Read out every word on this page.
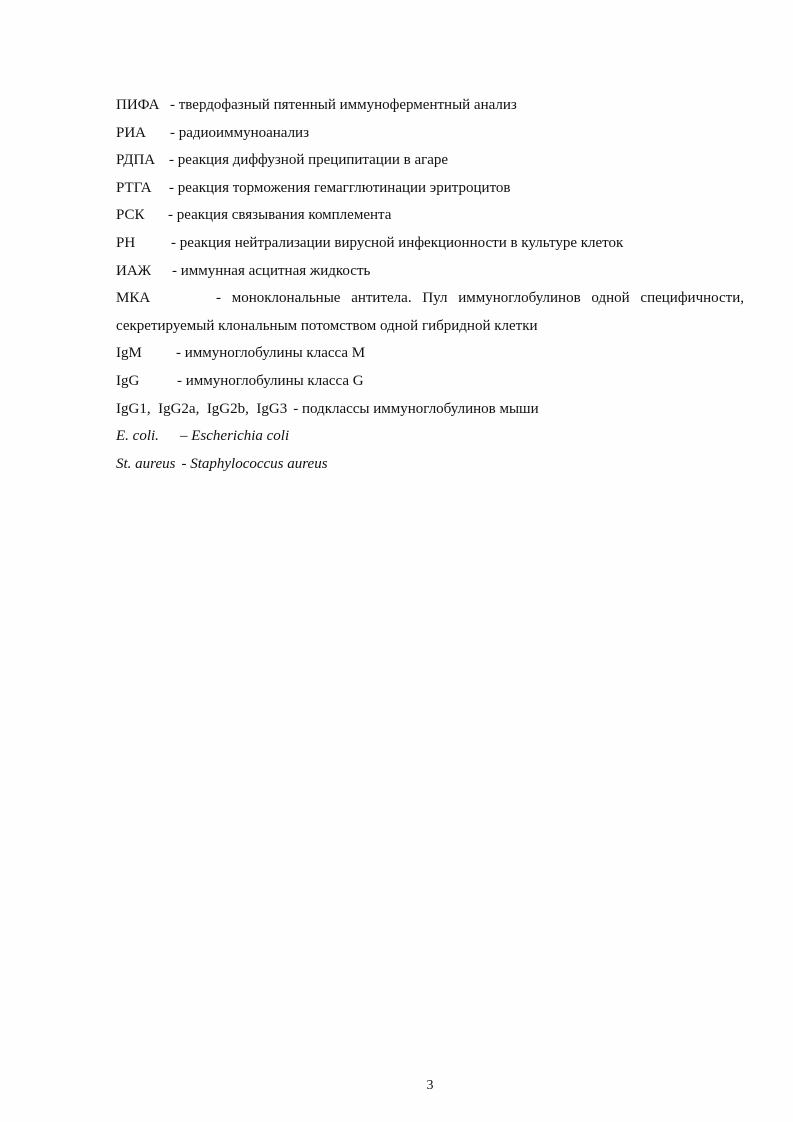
ПИФА - твердофазный пятенный иммуноферментный анализ
РИА - радиоиммуноанализ
РДПА - реакция диффузной преципитации в агаре
РТГА - реакция торможения гемагглютинации эритроцитов
РСК - реакция связывания комплемента
РН - реакция нейтрализации вирусной инфекционности в культуре клеток
ИАЖ - иммунная асцитная жидкость
МКА	- моноклональные антитела. Пул иммуноглобулинов одной специфичности,
секретируемый клональным потомством одной гибридной клетки
IgM - иммуноглобулины класса М
IgG	- иммуноглобулины класса G
IgG1,  IgG2a,  IgG2b,  IgG3 - подклассы иммуноглобулинов мыши
E. coli. – Escherichia coli
St. aureus - Staphylococcus aureus
3
